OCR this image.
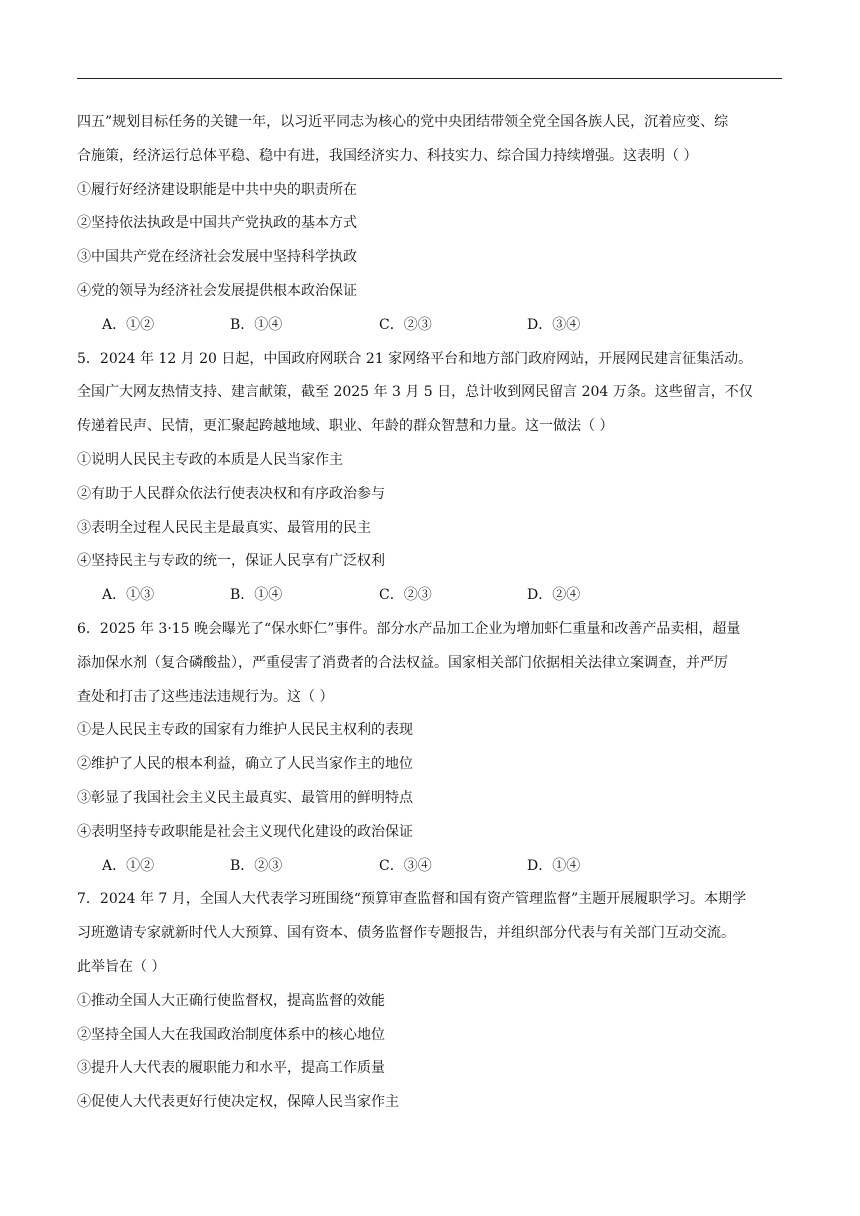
四五”规划目标任务的关键一年，以习近平同志为核心的党中央团结带领全党全国各族人民，沉着应变、综
合施策，经济运行总体平稳、稳中有进，我国经济实力、科技实力、综合国力持续增强。这表明（ ）
①履行好经济建设职能是中共中央的职责所在
②坚持依法执政是中国共产党执政的基本方式
③中国共产党在经济社会发展中坚持科学执政
④党的领导为经济社会发展提供根本政治保证
A．①②	B．①④	C．②③	D．③④
5．2024 年 12 月 20 日起，中国政府网联合 21 家网络平台和地方部门政府网站，开展网民建言征集活动。
全国广大网友热情支持、建言献策，截至 2025 年 3 月 5 日，总计收到网民留言 204 万条。这些留言，不仅
传递着民声、民情，更汇聚起跨越地域、职业、年龄的群众智慧和力量。这一做法（ ）
①说明人民民主专政的本质是人民当家作主
②有助于人民群众依法行使表决权和有序政治参与
③表明全过程人民民主是最真实、最管用的民主
④坚持民主与专政的统一，保证人民享有广泛权利
A．①③	B．①④	C．②③	D．②④
6．2025 年 3·15 晚会曝光了“保水虾仁”事件。部分水产品加工企业为增加虾仁重量和改善产品卖相，超量
添加保水剂（复合磷酸盐），严重侵害了消费者的合法权益。国家相关部门依据相关法律立案调查，并严厉
查处和打击了这些违法违规行为。这（ ）
①是人民民主专政的国家有力维护人民民主权利的表现
②维护了人民的根本利益，确立了人民当家作主的地位
③彰显了我国社会主义民主最真实、最管用的鲜明特点
④表明坚持专政职能是社会主义现代化建设的政治保证
A．①②	B．②③	C．③④	D．①④
7．2024 年 7 月，全国人大代表学习班围绕“预算审查监督和国有资产管理监督”主题开展履职学习。本期学
习班邀请专家就新时代人大预算、国有资本、债务监督作专题报告，并组织部分代表与有关部门互动交流。
此举旨在（ ）
①推动全国人大正确行使监督权，提高监督的效能
②坚持全国人大在我国政治制度体系中的核心地位
③提升人大代表的履职能力和水平，提高工作质量
④促使人大代表更好行使决定权，保障人民当家作主
